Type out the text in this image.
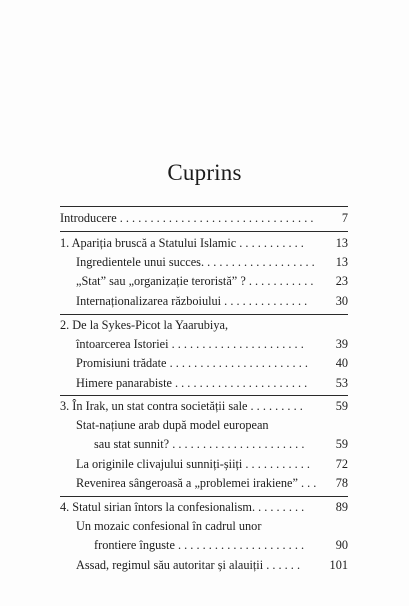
Cuprins
Introducere . . . . . . . . . . . . . . . . . . . . . . . . . . . . . . . . 7
1. Apariția bruscă a Statului Islamic . . . . . . . . . . .	13
Ingredientele unui succes. . . . . . . . . . . . . . . . . . . 13
„Stat” sau „organizație teroristă” ? . . . . . . . . . . . 23
Internaționalizarea războiului . . . . . . . . . . . . . . 30
2. De la Sykes-Picot la Yaarubiya,
întoarcerea Istoriei . . . . . . . . . . . . . . . . . . . . . .	39
Promisiuni trădate . . . . . . . . . . . . . . . . . . . . . . . 40
Himere panarabiste . . . . . . . . . . . . . . . . . . . . . . 53
3. În Irak, un stat contra societății sale . . . . . . . . .	59
Stat-națiune arab după model european
sau stat sunnit? . . . . . . . . . . . . . . . . . . . . . .	59
La originile clivajului sunniți-șiiți . . . . . . . . . . . 72
Revenirea sângeroasă a „problemei irakiene” . . . 78
4. Statul sirian întors la confesionalism. . . . . . . . .	89
Un mozaic confesional în cadrul unor
frontiere înguste . . . . . . . . . . . . . . . . . . . . .	90
Assad, regimul său autoritar și alauiții . . . . . . 101
